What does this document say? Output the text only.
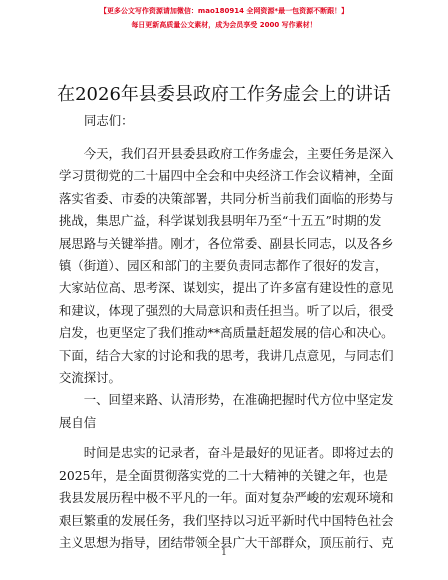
【更多公文写作资源请加微信：mao180914 全网资源*最一包资源不断跟！】
每日更新高质量公文素材，成为会员享受 2000 写作素材！
在2026年县委县政府工作务虚会上的讲话

同志们：

　　今天，我们召开县委县政府工作务虚会，主要任务是深入
学习贯彻党的二十届四中全会和中央经济工作会议精神，全面
落实省委、市委的决策部署，共同分析当前我们面临的形势与
挑战，集思广益，科学谋划我县明年乃至“十五五”时期的发
展思路与关键举措。刚才，各位常委、副县长同志，以及各乡
镇（街道）、园区和部门的主要负责同志都作了很好的发言，
大家站位高、思考深、谋划实，提出了许多富有建设性的意见
和建议，体现了强烈的大局意识和责任担当。听了以后，很受
启发，也更坚定了我们推动**高质量赶超发展的信心和决心。
下面，结合大家的讨论和我的思考，我讲几点意见，与同志们
交流探讨。
　　一、回望来路、认清形势，在准确把握时代方位中坚定发
展自信
　　时间是忠实的记录者，奋斗是最好的见证者。即将过去的
2025年，是全面贯彻落实党的二十大精神的关键之年，也是
我县发展历程中极不平凡的一年。面对复杂严峻的宏观环境和
艰巨繁重的发展任务，我们坚持以习近平新时代中国特色社会
主义思想为指导，团结带领全县广大干部群众，顶压前行、克
1
